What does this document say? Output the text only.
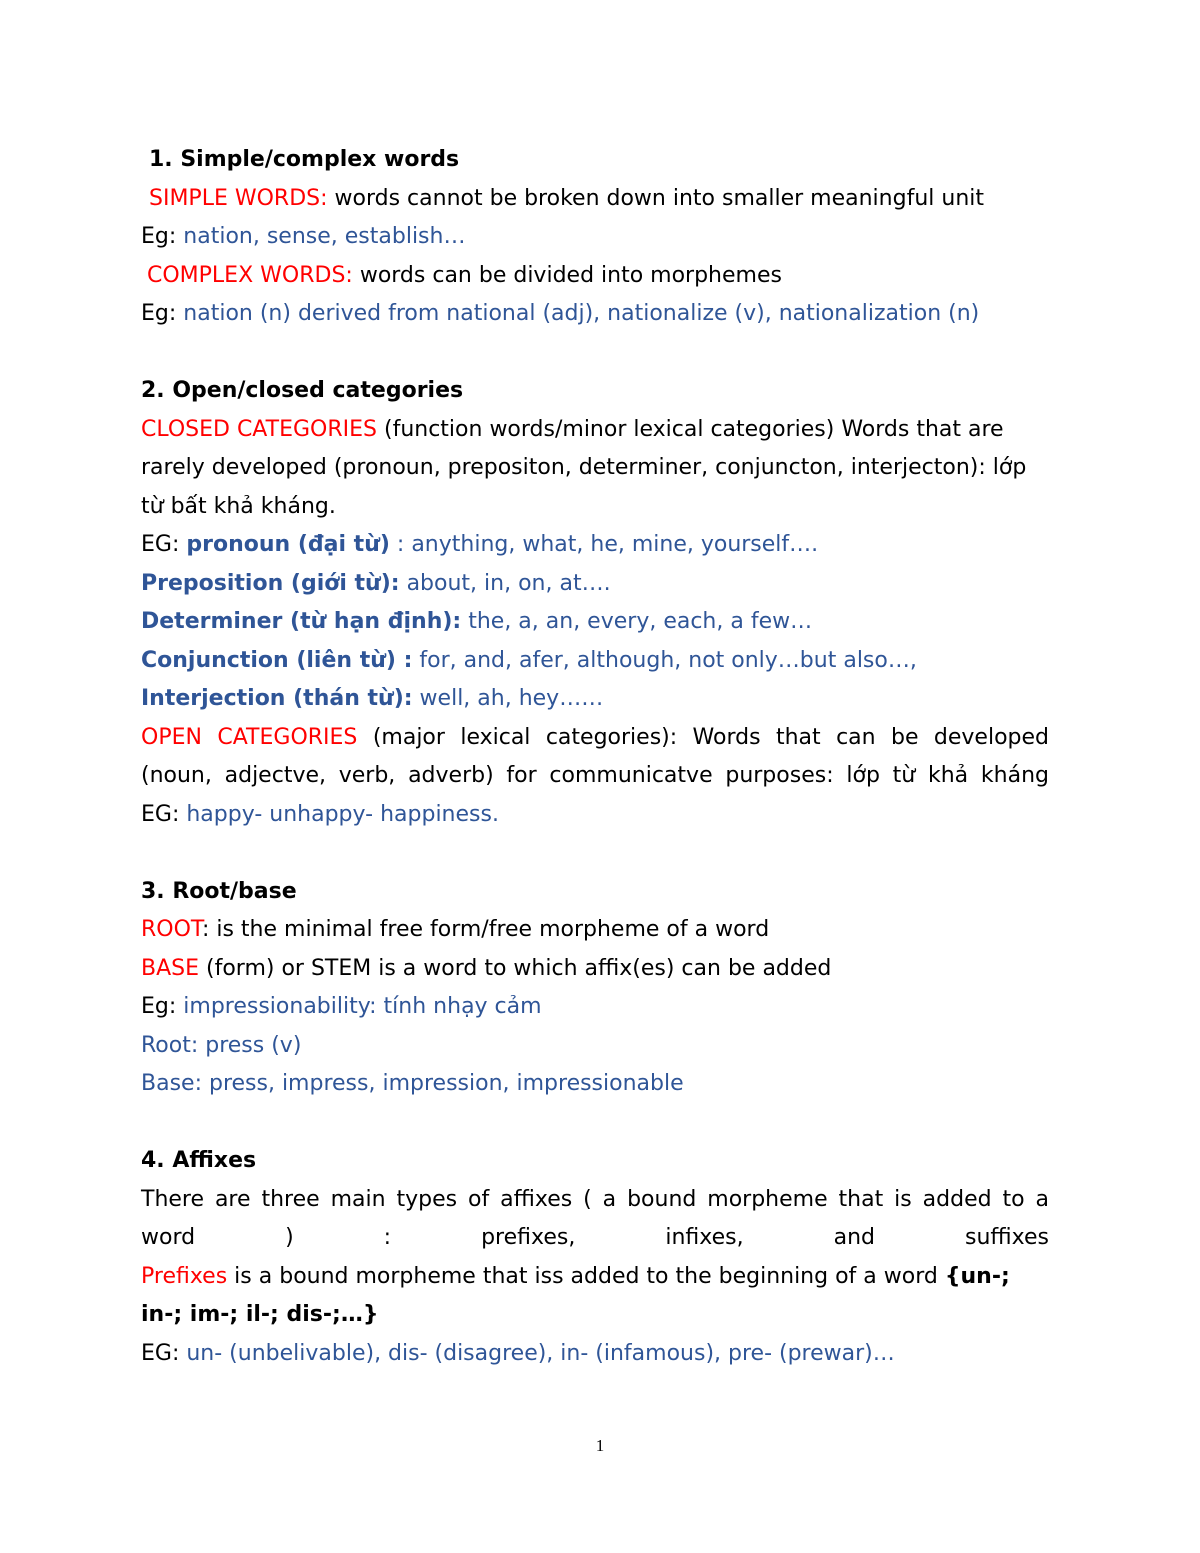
1. Simple/complex words
SIMPLE WORDS: words cannot be broken down into smaller meaningful unit
Eg: nation, sense, establish…
COMPLEX WORDS: words can be divided into morphemes
Eg: nation (n) derived from national (adj), nationalize (v), nationalization (n)
2. Open/closed categories
CLOSED CATEGORIES (function words/minor lexical categories) Words that are rarely developed (pronoun, prepositon, determiner, conjuncton, interjecton): lớp từ bất khả kháng.
EG: pronoun (đại từ) : anything, what, he, mine, yourself….
Preposition (giới từ): about, in, on, at….
Determiner (từ hạn định): the, a, an, every, each, a few…
Conjunction (liên từ) : for, and, afer, although, not only…but also…,
Interjection (thán từ): well, ah, hey……
OPEN CATEGORIES (major lexical categories): Words that can be developed (noun, adjectve, verb, adverb) for communicatve purposes: lớp từ khả kháng
EG: happy- unhappy- happiness.
3. Root/base
ROOT: is the minimal free form/free morpheme of a word
BASE (form) or STEM is a word to which affix(es) can be added
Eg: impressionability: tính nhạy cảm
Root: press (v)
Base: press, impress, impression, impressionable
4. Affixes
There are three main types of affixes ( a bound morpheme that is added to a word ) : prefixes, infixes, and suffixes
Prefixes is a bound morpheme that iss added to the beginning of a word {un-; in-; im-; il-; dis-;…}
EG: un- (unbelivable), dis- (disagree), in- (infamous), pre- (prewar)…
1
